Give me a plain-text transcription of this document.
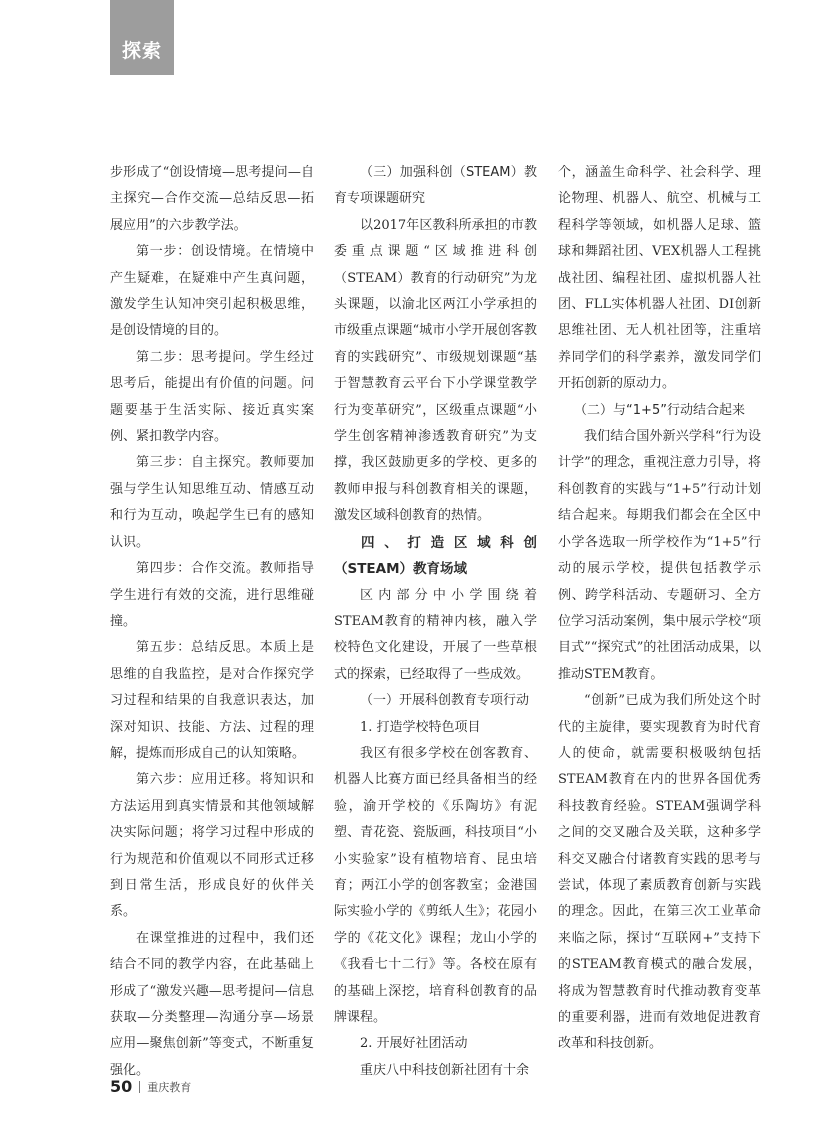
探索

步形成了“创设情境—思考提问—自主探究—合作交流—总结反思—拓展应用”的六步教学法。

第一步：创设情境。在情境中产生疑难，在疑难中产生真问题，激发学生认知冲突引起积极思维，是创设情境的目的。

第二步：思考提问。学生经过思考后，能提出有价值的问题。问题要基于生活实际、接近真实案例、紧扣教学内容。

第三步：自主探究。教师要加强与学生认知思维互动、情感互动和行为互动，唤起学生已有的感知认识。

第四步：合作交流。教师指导学生进行有效的交流，进行思维碰撞。

第五步：总结反思。本质上是思维的自我监控，是对合作探究学习过程和结果的自我意识表达，加深对知识、技能、方法、过程的理解，提炼而形成自己的认知策略。

第六步：应用迁移。将知识和方法运用到真实情景和其他领域解决实际问题；将学习过程中形成的行为规范和价值观以不同形式迁移到日常生活，形成良好的伙伴关系。

在课堂推进的过程中，我们还结合不同的教学内容，在此基础上形成了“激发兴趣—思考提问—信息获取—分类整理—沟通分享—场景应用—聚焦创新”等变式，不断重复强化。

（三）加强科创（STEAM）教育专项课题研究

以2017年区教科所承担的市教委重点课题“区域推进科创（STEAM）教育的行动研究”为龙头课题，以渝北区两江小学承担的市级重点课题“城市小学开展创客教育的实践研究”、市级规划课题“基于智慧教育云平台下小学课堂教学行为变革研究”，区级重点课题“小学生创客精神渗透教育研究”为支撑，我区鼓励更多的学校、更多的教师申报与科创教育相关的课题，激发区域科创教育的热情。

四、打造区域科创（STEAM）教育场域

区内部分中小学围绕着STEAM教育的精神内核，融入学校特色文化建设，开展了一些草根式的探索，已经取得了一些成效。

（一）开展科创教育专项行动

1. 打造学校特色项目

我区有很多学校在创客教育、机器人比赛方面已经具备相当的经验，渝开学校的《乐陶坊》有泥塑、青花瓷、瓷版画，科技项目“小小实验家”设有植物培育、昆虫培育；两江小学的创客教室；金港国际实验小学的《剪纸人生》；花园小学的《花文化》课程；龙山小学的《我看七十二行》等。各校在原有的基础上深挖，培育科创教育的品牌课程。

2. 开展好社团活动

重庆八中科技创新社团有十余

个，涵盖生命科学、社会科学、理论物理、机器人、航空、机械与工程科学等领域，如机器人足球、篮球和舞蹈社团、VEX机器人工程挑战社团、编程社团、虚拟机器人社团、FLL实体机器人社团、DI创新思维社团、无人机社团等，注重培养同学们的科学素养，激发同学们开拓创新的原动力。

（二）与“1+5”行动结合起来

我们结合国外新兴学科“行为设计学”的理念，重视注意力引导，将科创教育的实践与“1+5”行动计划结合起来。每期我们都会在全区中小学各选取一所学校作为“1+5”行动的展示学校，提供包括教学示例、跨学科活动、专题研习、全方位学习活动案例，集中展示学校“项目式”“探究式”的社团活动成果，以推动STEM教育。

“创新”已成为我们所处这个时代的主旋律，要实现教育为时代育人的使命，就需要积极吸纳包括STEAM教育在内的世界各国优秀科技教育经验。STEAM强调学科之间的交叉融合及关联，这种多学科交叉融合付诸教育实践的思考与尝试，体现了素质教育创新与实践的理念。因此，在第三次工业革命来临之际，探讨“互联网+”支持下的STEAM教育模式的融合发展，将成为智慧教育时代推动教育变革的重要利器，进而有效地促进教育改革和科技创新。

50 重庆教育
